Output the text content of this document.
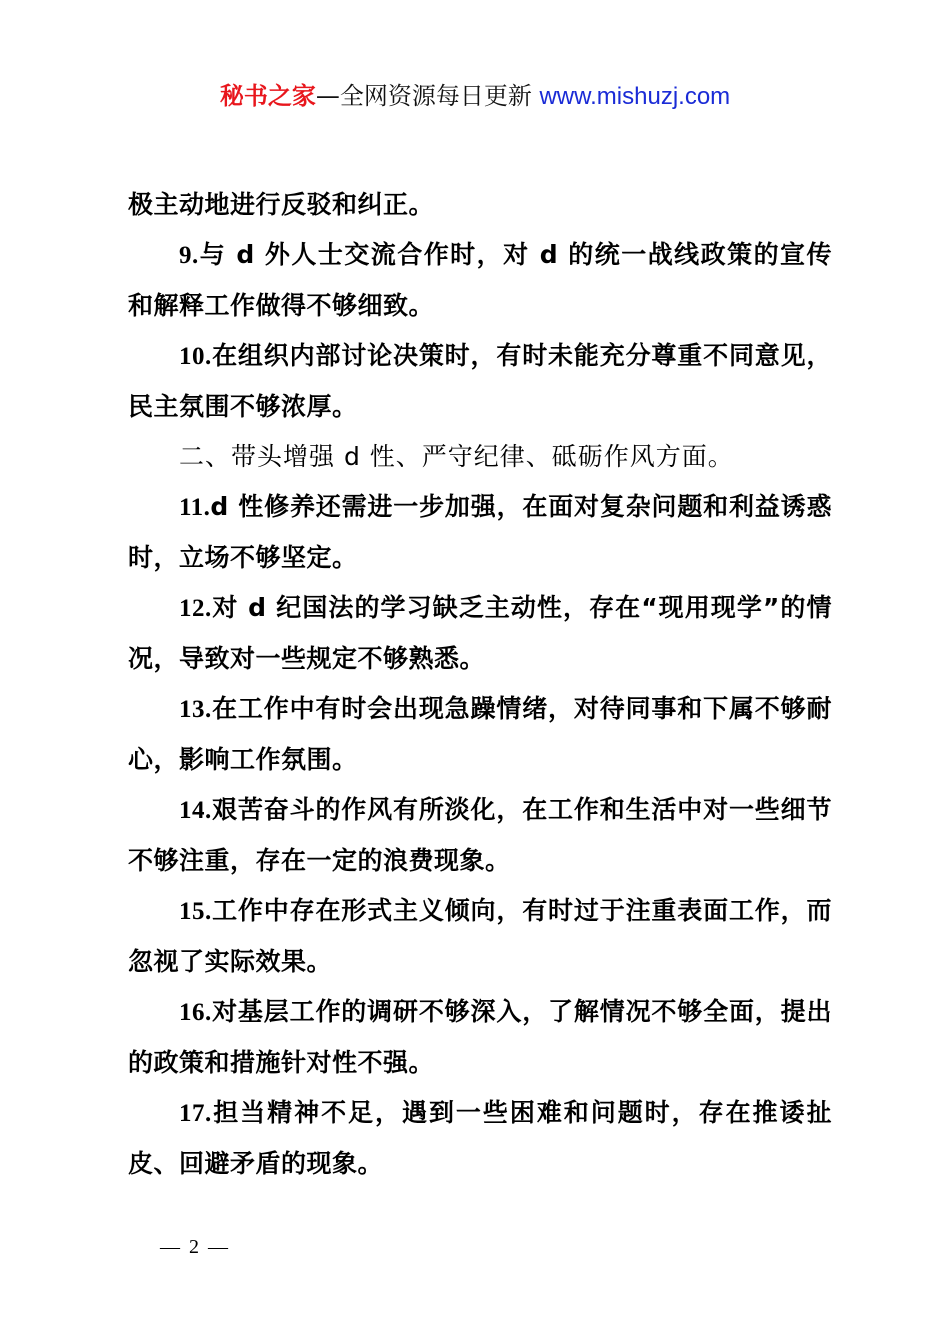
秘书之家—全网资源每日更新 www.mishuzj.com

极主动地进行反驳和纠正。

9.与 d 外人士交流合作时，对 d 的统一战线政策的宣传和解释工作做得不够细致。

10.在组织内部讨论决策时，有时未能充分尊重不同意见，民主氛围不够浓厚。

二、带头增强 d 性、严守纪律、砥砺作风方面。

11.d 性修养还需进一步加强，在面对复杂问题和利益诱惑时，立场不够坚定。

12.对 d 纪国法的学习缺乏主动性，存在“现用现学”的情况，导致对一些规定不够熟悉。

13.在工作中有时会出现急躁情绪，对待同事和下属不够耐心，影响工作氛围。

14.艰苦奋斗的作风有所淡化，在工作和生活中对一些细节不够注重，存在一定的浪费现象。

15.工作中存在形式主义倾向，有时过于注重表面工作，而忽视了实际效果。

16.对基层工作的调研不够深入，了解情况不够全面，提出的政策和措施针对性不强。

17.担当精神不足，遇到一些困难和问题时，存在推诿扯皮、回避矛盾的现象。

— 2 —
